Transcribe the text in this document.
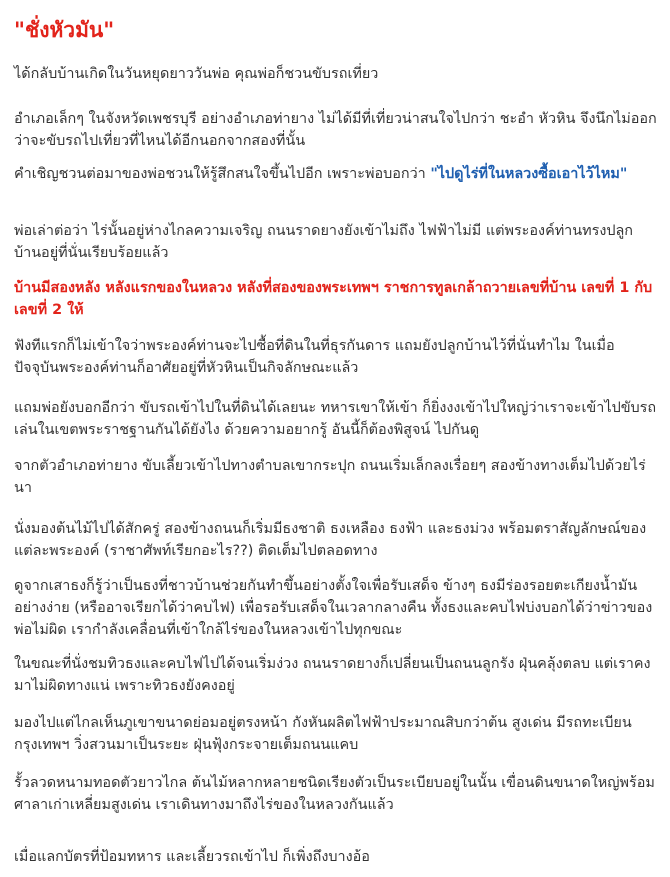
"ชั่งหัวมัน"
ได้กลับบ้านเกิดในวันหยุดยาววันพ่อ คุณพ่อก็ชวนขับรถเที่ยว
อำเภอเล็กๆ ในจังหวัดเพชรบุรี อย่างอำเภอท่ายาง ไม่ได้มีที่เที่ยวน่าสนใจไปกว่า ชะอำ หัวหิน จึงนึกไม่ออกว่าจะขับรถไปเที่ยวที่ไหนได้อีกนอกจากสองที่นั้น
คำเชิญชวนต่อมาของพ่อชวนให้รู้สึกสนใจขึ้นไปอีก เพราะพ่อบอกว่า "ไปดูไร่ที่ในหลวงซื้อเอาไว้ไหม"
พ่อเล่าต่อว่า ไร่นั้นอยู่ห่างไกลความเจริญ ถนนราดยางยังเข้าไม่ถึง ไฟฟ้าไม่มี แต่พระองค์ท่านทรงปลูกบ้านอยู่ที่นั่นเรียบร้อยแล้ว
บ้านมีสองหลัง หลังแรกของในหลวง หลังที่สองของพระเทพฯ ราชการทูลเกล้าถวายเลขที่บ้าน เลขที่ 1 กับเลขที่ 2 ให้
ฟังทีแรกก็ไม่เข้าใจว่าพระองค์ท่านจะไปซื้อที่ดินในที่ธุรกันดาร แถมยังปลูกบ้านไว้ที่นั่นทำไม ในเมื่อปัจจุบันพระองค์ท่านก็อาศัยอยู่ที่หัวหินเป็นกิจลักษณะแล้ว
แถมพ่อยังบอกอีกว่า ขับรถเข้าไปในที่ดินได้เลยนะ ทหารเขาให้เข้า ก็ยิ่งงงเข้าไปใหญ่ว่าเราจะเข้าไปขับรถเล่นในเขตพระราชฐานกันได้ยังไง ด้วยความอยากรู้ อันนี้ก็ต้องพิสูจน์ ไปกันดู
จากตัวอำเภอท่ายาง ขับเลี้ยวเข้าไปทางตำบลเขากระปุก ถนนเริ่มเล็กลงเรื่อยๆ สองข้างทางเต็มไปด้วยไร่นา
นั่งมองต้นไม้ไปได้สักครู่ สองข้างถนนก็เริ่มมีธงชาติ ธงเหลือง ธงฟ้า และธงม่วง พร้อมตราสัญลักษณ์ของแต่ละพระองค์ (ราชาศัพท์เรียกอะไร??) ติดเต็มไปตลอดทาง
ดูจากเสาธงก็รู้ว่าเป็นธงที่ชาวบ้านช่วยกันทำขึ้นอย่างตั้งใจเพื่อรับเสด็จ ข้างๆ ธงมีร่องรอยตะเกียงน้ำมันอย่างง่าย (หรืออาจเรียกได้ว่าคบไฟ) เพื่อรอรับเสด็จในเวลากลางคืน ทั้งธงและคบไฟบ่งบอกได้ว่าข่าวของพ่อไม่ผิด เรากำลังเคลื่อนที่เข้าใกล้ไร่ของในหลวงเข้าไปทุกขณะ
ในขณะที่นั่งชมทิวธงและคบไฟไปได้จนเริ่มง่วง ถนนราดยางก็เปลี่ยนเป็นถนนลูกรัง ฝุ่นคลุ้งตลบ แต่เราคงมาไม่ผิดทางแน่ เพราะทิวธงยังคงอยู่
มองไปแต่ไกลเห็นภูเขาขนาดย่อมอยู่ตรงหน้า กังหันผลิตไฟฟ้าประมาณสิบกว่าต้น สูงเด่น มีรถทะเบียนกรุงเทพฯ วิ่งสวนมาเป็นระยะ ฝุ่นฟุ้งกระจายเต็มถนนแคบ
รั้วลวดหนามทอดตัวยาวไกล ต้นไม้หลากหลายชนิดเรียงตัวเป็นระเบียบอยู่ในนั้น เขื่อนดินขนาดใหญ่พร้อมศาลาเก่าเหลี่ยมสูงเด่น เราเดินทางมาถึงไร่ของในหลวงกันแล้ว
เมื่อแลกบัตรที่ป้อมทหาร และเลี้ยวรถเข้าไป ก็เพิ่งถึงบางอ้อ
